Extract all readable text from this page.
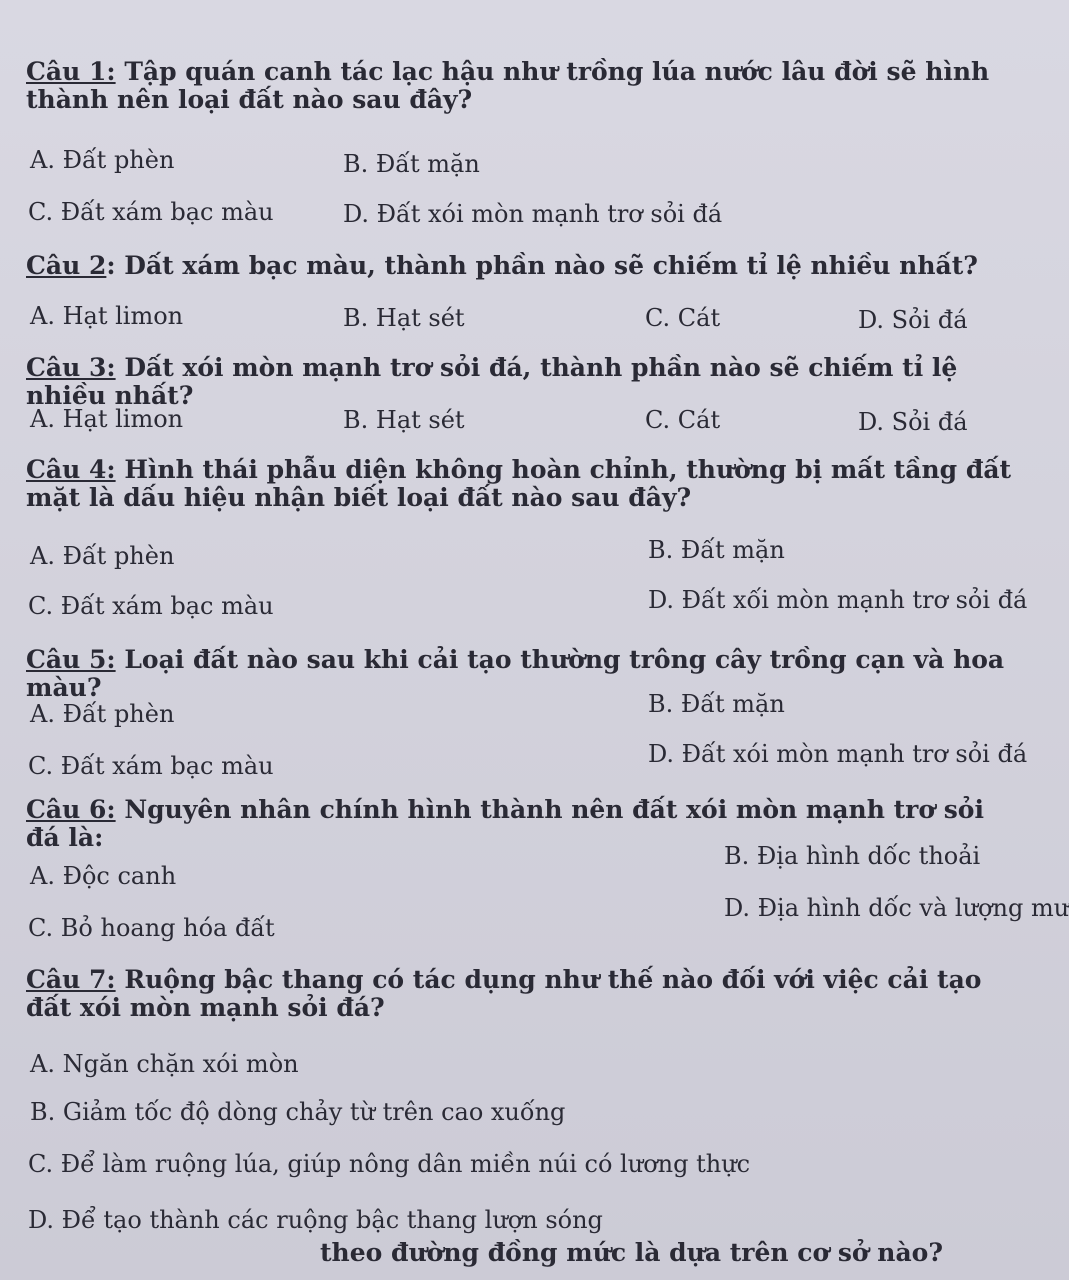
Câu 1: Tập quán canh tác lạc hậu như trồng lúa nước lâu đời sẽ hình thành nên loại đất nào sau đây?
A. Đất phèn	B. Đất mặn
C. Đất xám bạc màu	D. Đất xói mòn mạnh trơ sỏi đá
Câu 2: Dất xám bạc màu, thành phần nào sẽ chiếm tỉ lệ nhiều nhất?
A. Hạt limon	B. Hạt sét	C. Cát	D. Sỏi đá
Câu 3: Dất xói mòn mạnh trơ sỏi đá, thành phần nào sẽ chiếm tỉ lệ nhiều nhất?
A. Hạt limon	B. Hạt sét	C. Cát	D. Sỏi đá
Câu 4: Hình thái phẫu diện không hoàn chỉnh, thường bị mất tầng đất mặt là dấu hiệu nhận biết loại đất nào sau đây?
A. Đất phèn	B. Đất mặn
C. Đất xám bạc màu	D. Đất xối mòn mạnh trơ sỏi đá
Câu 5: Loại đất nào sau khi cải tạo thường trông cây trồng cạn và hoa màu?
A. Đất phèn	B. Đất mặn
C. Đất xám bạc màu	D. Đất xói mòn mạnh trơ sỏi đá
Câu 6: Nguyên nhân chính hình thành nên đất xói mòn mạnh trơ sỏi đá là:
A. Độc canh
B. Địa hình dốc thoải
C. Bỏ hoang hóa đất
D. Địa hình dốc và lượng mư
Câu 7: Ruộng bậc thang có tác dụng như thế nào đối với việc cải tạo đất xói mòn mạnh sỏi đá?
A. Ngăn chặn xói mòn
B. Giảm tốc độ dòng chảy từ trên cao xuống
C. Để làm ruộng lúa, giúp nông dân miền núi có lương thực
D. Để tạo thành các ruộng bậc thang lượn sóng
theo đường đồng mức là dựa trên cơ sở nào?
